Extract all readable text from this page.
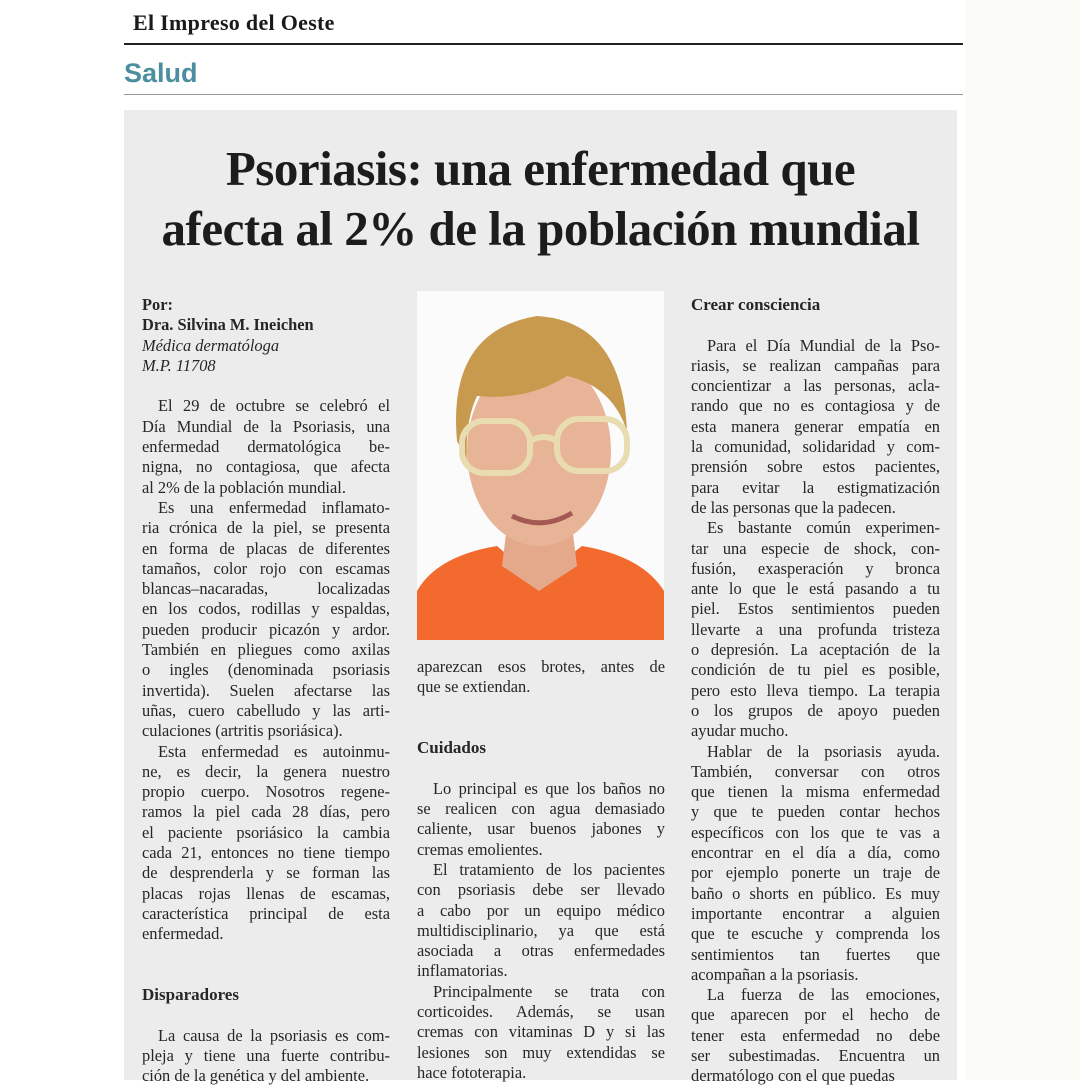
El Impreso del Oeste
Salud
Psoriasis: una enfermedad que
afecta al 2% de la población mundial
Por:
Dra. Silvina M. Ineichen
Médica dermatóloga
M.P. 11708
El 29 de octubre se celebró el
Día Mundial de la Psoriasis, una
enfermedad dermatológica be-
nigna, no contagiosa, que afecta
al 2% de la población mundial.
Es una enfermedad inflamato-
ria crónica de la piel, se presenta
en forma de placas de diferentes
tamaños, color rojo con escamas
blancas–nacaradas, localizadas
en los codos, rodillas y espaldas,
pueden producir picazón y ardor.
También en pliegues como axilas
o ingles (denominada psoriasis
invertida). Suelen afectarse las
uñas, cuero cabelludo y las arti-
culaciones (artritis psoriásica).
Esta enfermedad es autoinmu-
ne, es decir, la genera nuestro
propio cuerpo. Nosotros regene-
ramos la piel cada 28 días, pero
el paciente psoriásico la cambia
cada 21, entonces no tiene tiempo
de desprenderla y se forman las
placas rojas llenas de escamas,
característica principal de esta
enfermedad.
Disparadores
La causa de la psoriasis es com-
pleja y tiene una fuerte contribu-
ción de la genética y del ambiente.
aparezcan esos brotes, antes de
que se extiendan.
Cuidados
Lo principal es que los baños no
se realicen con agua demasiado
caliente, usar buenos jabones y
cremas emolientes.
El tratamiento de los pacientes
con psoriasis debe ser llevado
a cabo por un equipo médico
multidisciplinario, ya que está
asociada a otras enfermedades
inflamatorias.
Principalmente se trata con
corticoides. Además, se usan
cremas con vitaminas D y si las
lesiones son muy extendidas se
hace fototerapia.
Crear consciencia
Para el Día Mundial de la Pso-
riasis, se realizan campañas para
concientizar a las personas, acla-
rando que no es contagiosa y de
esta manera generar empatía en
la comunidad, solidaridad y com-
prensión sobre estos pacientes,
para evitar la estigmatización
de las personas que la padecen.
Es bastante común experimen-
tar una especie de shock, con-
fusión, exasperación y bronca
ante lo que le está pasando a tu
piel. Estos sentimientos pueden
llevarte a una profunda tristeza
o depresión. La aceptación de la
condición de tu piel es posible,
pero esto lleva tiempo. La terapia
o los grupos de apoyo pueden
ayudar mucho.
Hablar de la psoriasis ayuda.
También, conversar con otros
que tienen la misma enfermedad
y que te pueden contar hechos
específicos con los que te vas a
encontrar en el día a día, como
por ejemplo ponerte un traje de
baño o shorts en público. Es muy
importante encontrar a alguien
que te escuche y comprenda los
sentimientos tan fuertes que
acompañan a la psoriasis.
La fuerza de las emociones,
que aparecen por el hecho de
tener esta enfermedad no debe
ser subestimadas. Encuentra un
dermatólogo con el que puedas
